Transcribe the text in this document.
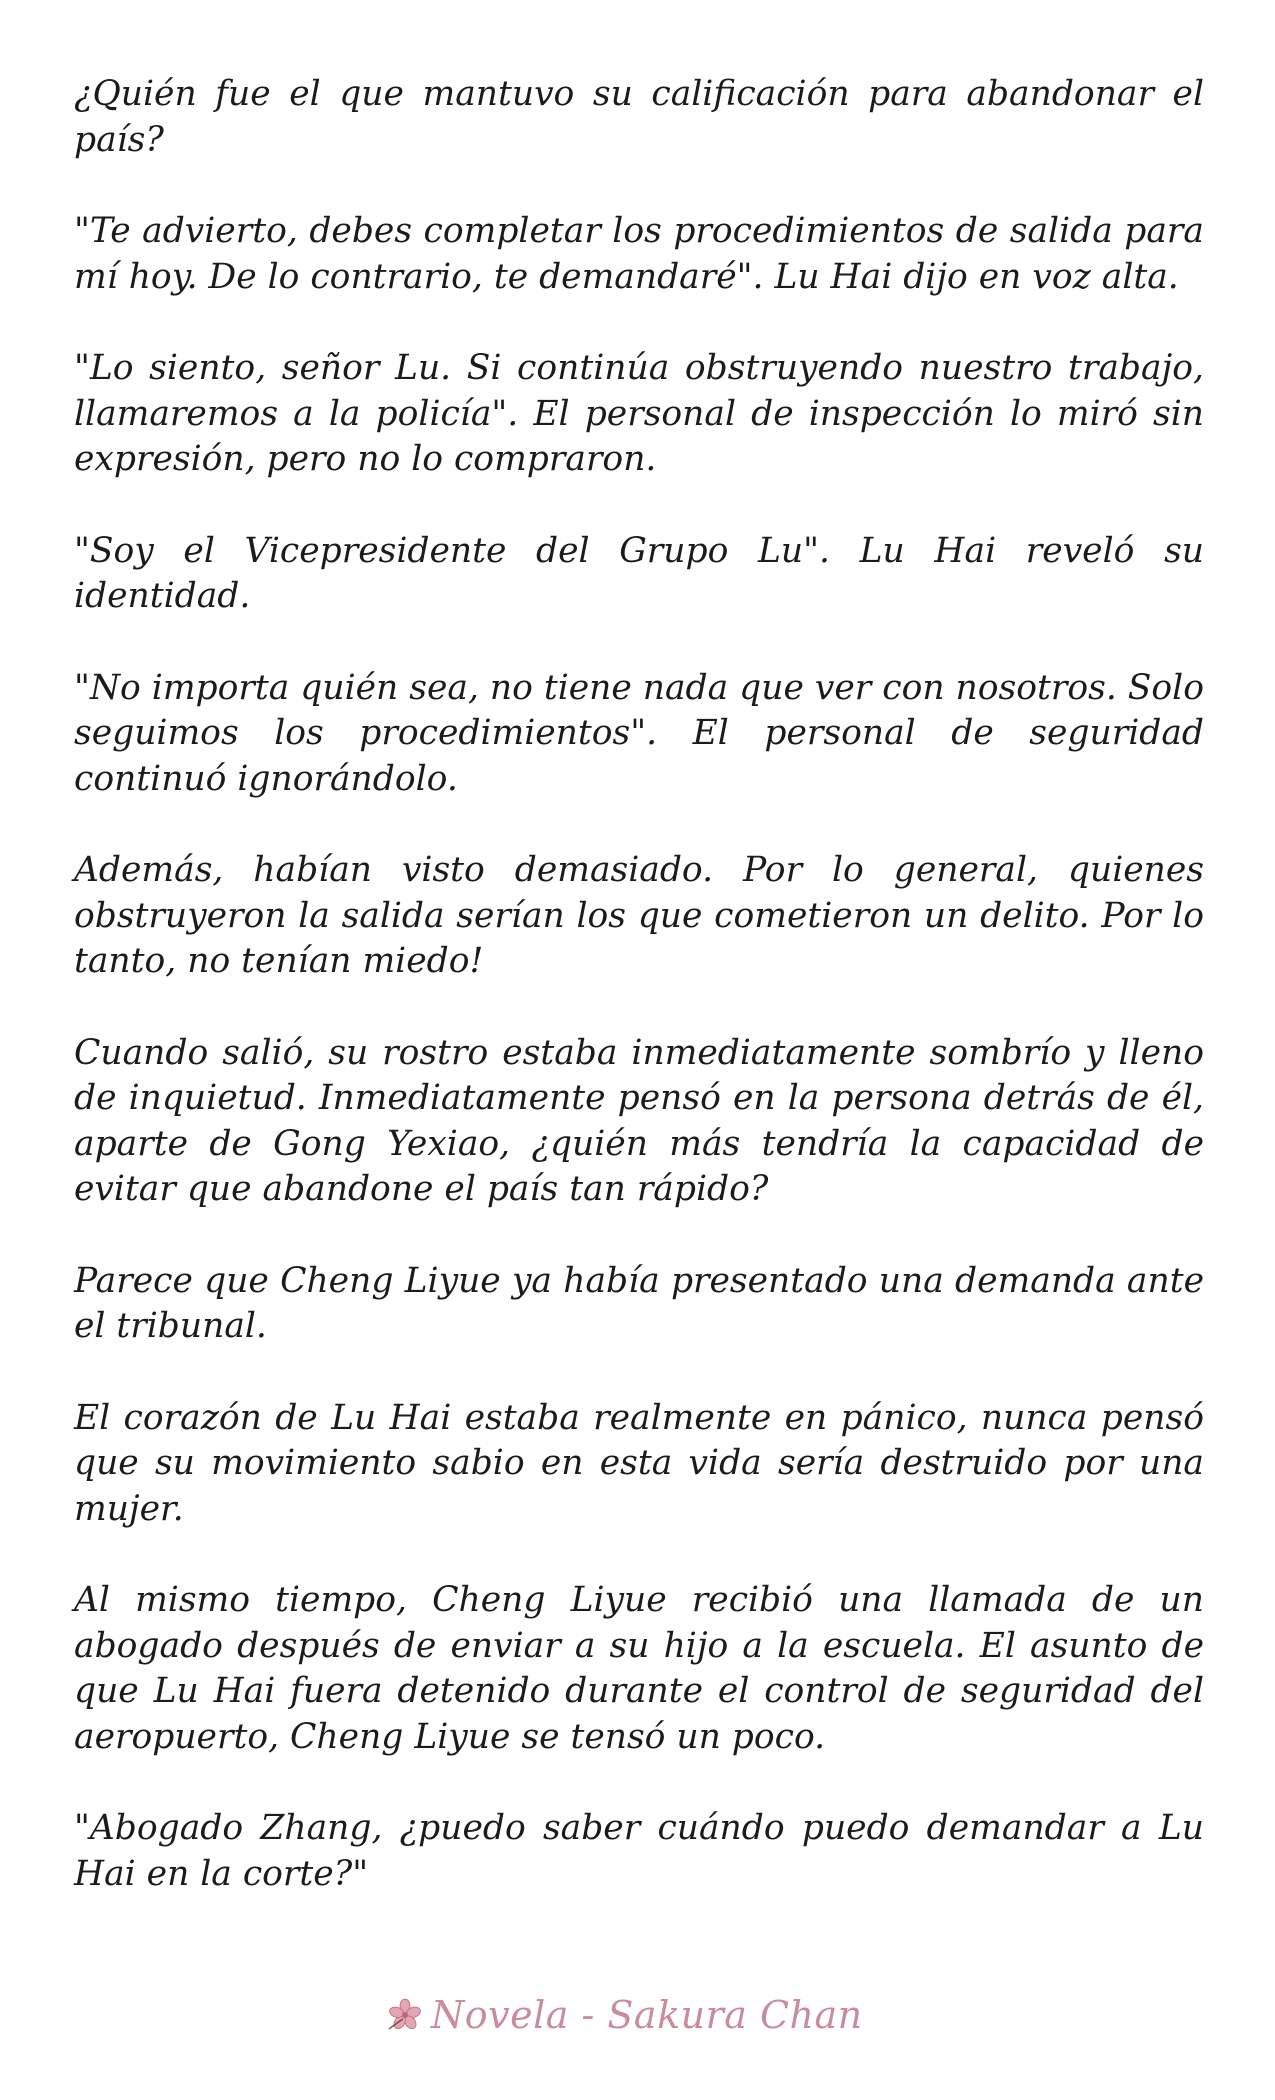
¿Quién fue el que mantuvo su calificación para abandonar el país?

"Te advierto, debes completar los procedimientos de salida para mí hoy. De lo contrario, te demandaré". Lu Hai dijo en voz alta.

"Lo siento, señor Lu. Si continúa obstruyendo nuestro trabajo, llamaremos a la policía". El personal de inspección lo miró sin expresión, pero no lo compraron.

"Soy el Vicepresidente del Grupo Lu". Lu Hai reveló su identidad.

"No importa quién sea, no tiene nada que ver con nosotros. Solo seguimos los procedimientos". El personal de seguridad continuó ignorándolo.

Además, habían visto demasiado. Por lo general, quienes obstruyeron la salida serían los que cometieron un delito. Por lo tanto, no tenían miedo!

Cuando salió, su rostro estaba inmediatamente sombrío y lleno de inquietud. Inmediatamente pensó en la persona detrás de él, aparte de Gong Yexiao, ¿quién más tendría la capacidad de evitar que abandone el país tan rápido?

Parece que Cheng Liyue ya había presentado una demanda ante el tribunal.

El corazón de Lu Hai estaba realmente en pánico, nunca pensó que su movimiento sabio en esta vida sería destruido por una mujer.

Al mismo tiempo, Cheng Liyue recibió una llamada de un abogado después de enviar a su hijo a la escuela. El asunto de que Lu Hai fuera detenido durante el control de seguridad del aeropuerto, Cheng Liyue se tensó un poco.

"Abogado Zhang, ¿puedo saber cuándo puedo demandar a Lu Hai en la corte?"

Novela - Sakura Chan
